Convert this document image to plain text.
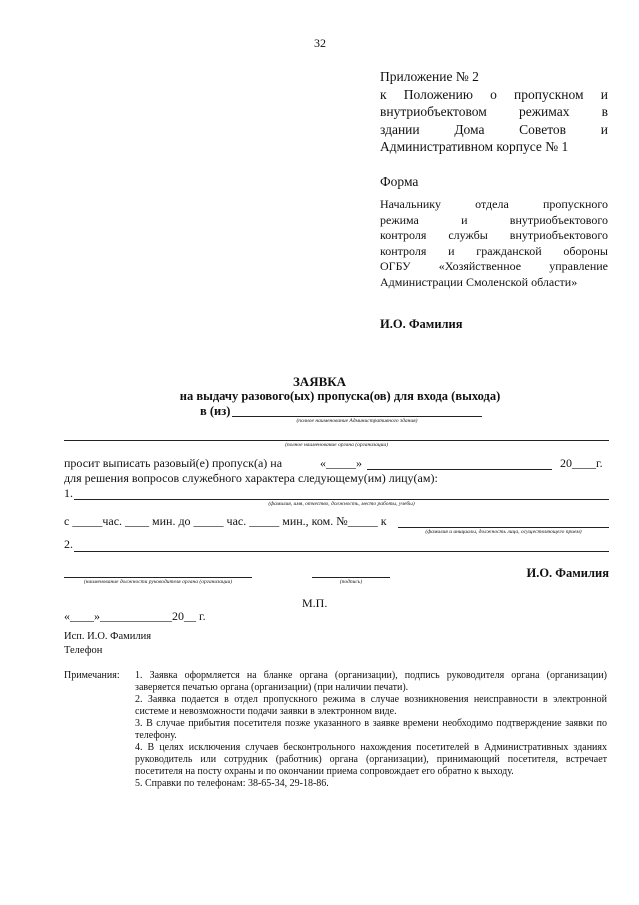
32
Приложение № 2
к Положению о пропускном и
внутриобъектовом режимах в
здании Дома Советов и
Административном корпусе № 1
Форма
Начальнику отдела пропускного
режима и внутриобъектового
контроля службы внутриобъектового
контроля и гражданской обороны
ОГБУ «Хозяйственное управление
Администрации Смоленской области»
И.О. Фамилия
ЗАЯВКА
на выдачу разового(ых) пропуска(ов) для входа (выхода)
в (из)
(полное наименование Административного здания)
(полное наименование органа (организации)
просит выписать разовый(е) пропуск(а) на	«_____»	20____г.
для решения вопросов служебного характера следующему(им) лицу(ам):
1.
(фамилия, имя, отчество, должность, место работы, учебы)
с _____час. ____ мин. до _____ час. _____ мин., ком. №_____ к
(фамилия и инициалы, должность лица, осуществляющего прием)
2.
(наименование должности руководителя органа (организации)	(подпись)
И.О. Фамилия
М.П.
«____»____________20__ г.
Исп. И.О. Фамилия
Телефон
Примечания: 1. Заявка оформляется на бланке органа (организации), подпись руководителя органа (организации) заверяется печатью органа (организации) (при наличии печати).
2. Заявка подается в отдел пропускного режима в случае возникновения неисправности в электронной системе и невозможности подачи заявки в электронном виде.
3. В случае прибытия посетителя позже указанного в заявке времени необходимо подтверждение заявки по телефону.
4. В целях исключения случаев бесконтрольного нахождения посетителей в Административных зданиях руководитель или сотрудник (работник) органа (организации), принимающий посетителя, встречает посетителя на посту охраны и по окончании приема сопровождает его обратно к выходу.
5. Справки по телефонам: 38-65-34, 29-18-86.
